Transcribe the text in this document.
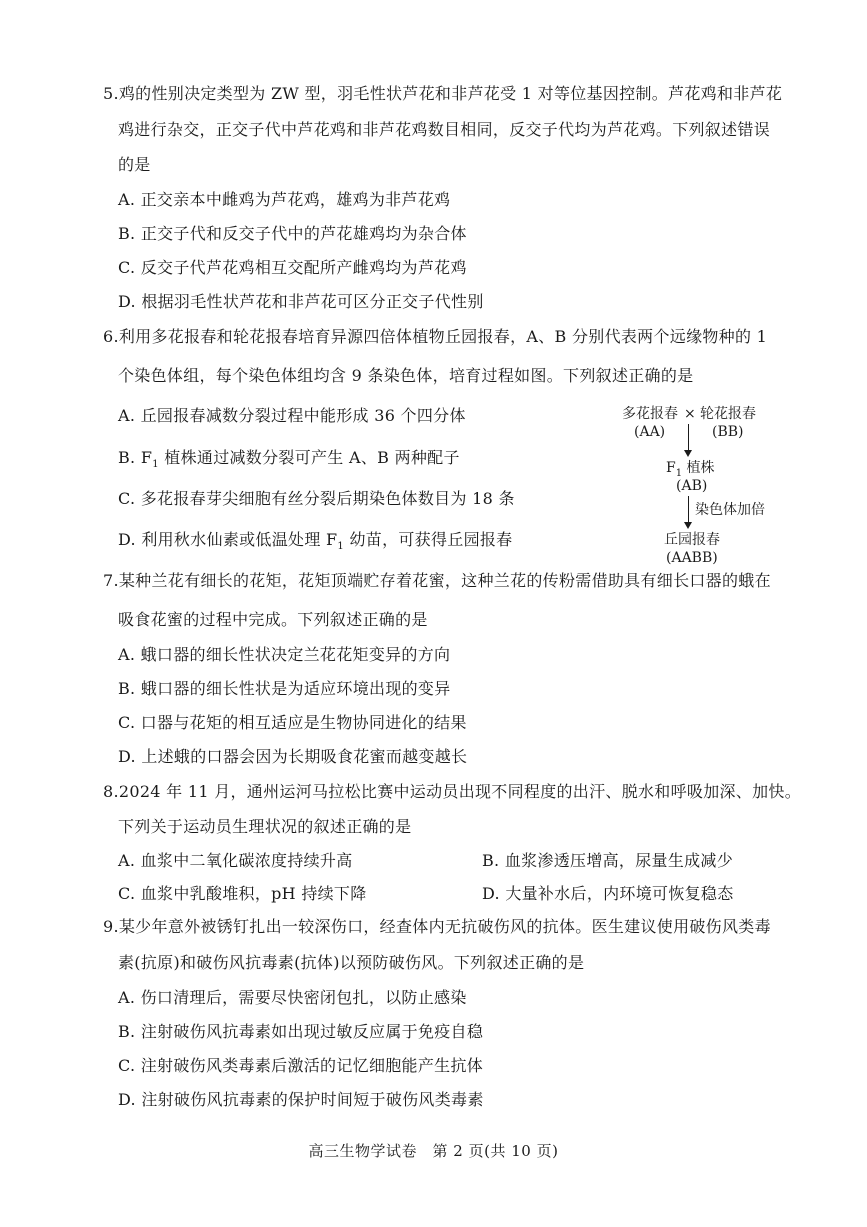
5.鸡的性别决定类型为 ZW 型，羽毛性状芦花和非芦花受 1 对等位基因控制。芦花鸡和非芦花
鸡进行杂交，正交子代中芦花鸡和非芦花鸡数目相同，反交子代均为芦花鸡。下列叙述错误
的是
A. 正交亲本中雌鸡为芦花鸡，雄鸡为非芦花鸡
B. 正交子代和反交子代中的芦花雄鸡均为杂合体
C. 反交子代芦花鸡相互交配所产雌鸡均为芦花鸡
D. 根据羽毛性状芦花和非芦花可区分正交子代性别
6.利用多花报春和轮花报春培育异源四倍体植物丘园报春，A、B 分别代表两个远缘物种的 1
个染色体组，每个染色体组均含 9 条染色体，培育过程如图。下列叙述正确的是
A. 丘园报春减数分裂过程中能形成 36 个四分体
B. $F_1$ 植株通过减数分裂可产生 A、B 两种配子
C. 多花报春芽尖细胞有丝分裂后期染色体数目为 18 条
D. 利用秋水仙素或低温处理 $F_1$ 幼苗，可获得丘园报春
多花报春
(AA)
× 轮花报春
(BB)
$F_1$ 植株
(AB)
染色体加倍
丘园报春
(AABB)
7.某种兰花有细长的花矩，花矩顶端贮存着花蜜，这种兰花的传粉需借助具有细长口器的蛾在
吸食花蜜的过程中完成。下列叙述正确的是
A. 蛾口器的细长性状决定兰花花矩变异的方向
B. 蛾口器的细长性状是为适应环境出现的变异
C. 口器与花矩的相互适应是生物协同进化的结果
D. 上述蛾的口器会因为长期吸食花蜜而越变越长
8.2024 年 11 月，通州运河马拉松比赛中运动员出现不同程度的出汗、脱水和呼吸加深、加快。
下列关于运动员生理状况的叙述正确的是
A. 血浆中二氧化碳浓度持续升高	B. 血浆渗透压增高，尿量生成减少
C. 血浆中乳酸堆积，pH 持续下降	D. 大量补水后，内环境可恢复稳态
9.某少年意外被锈钉扎出一较深伤口，经查体内无抗破伤风的抗体。医生建议使用破伤风类毒
素(抗原)和破伤风抗毒素(抗体)以预防破伤风。下列叙述正确的是
A. 伤口清理后，需要尽快密闭包扎，以防止感染
B. 注射破伤风抗毒素如出现过敏反应属于免疫自稳
C. 注射破伤风类毒素后激活的记忆细胞能产生抗体
D. 注射破伤风抗毒素的保护时间短于破伤风类毒素
高三生物学试卷　第 2 页(共 10 页)
